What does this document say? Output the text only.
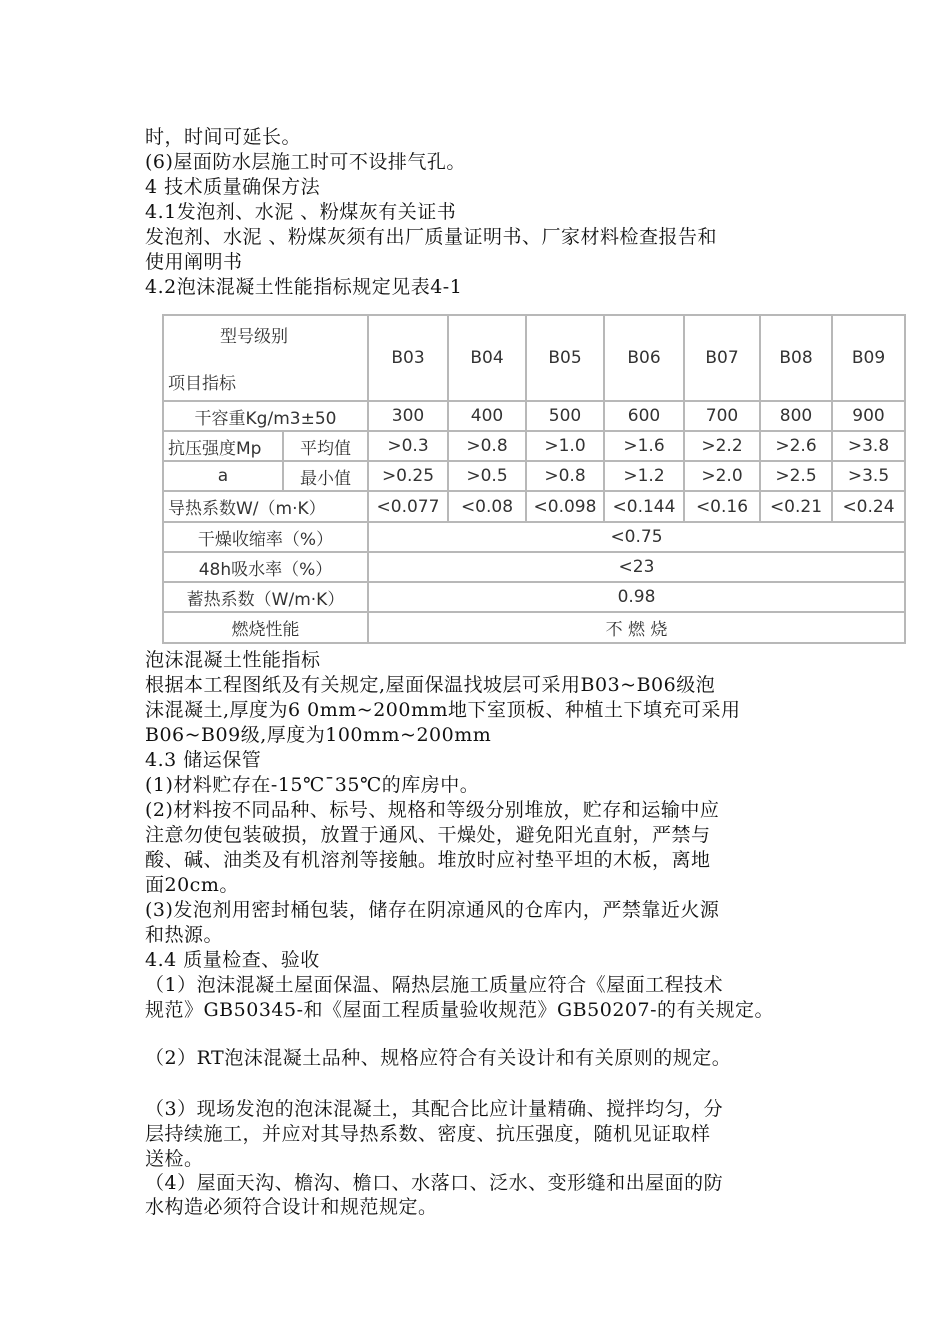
时，时间可延长。
(6)屋面防水层施工时可不设排气孔。
4 技术质量确保方法
4.1发泡剂、水泥 、粉煤灰有关证书
发泡剂、水泥 、粉煤灰须有出厂质量证明书、厂家材料检查报告和
使用阐明书
4.2泡沫混凝土性能指标规定见表4-1
型号级别
项目指标		B03	B04	B05	B06	B07	B08	B09
干容重Kg/m3±50		300	400	500	600	700	800	900
抗压强度Mp	平均值	>0.3	>0.8	>1.0	>1.6	>2.2	>2.6	>3.8
a	最小值	>0.25	>0.5	>0.8	>1.2	>2.0	>2.5	>3.5
导热系数W/（m·K）		<0.077	<0.08	<0.098	<0.144	<0.16	<0.21	<0.24
干燥收缩率（%）		<0.75						
48h吸水率（%）		<23						
蓄热系数（W/m·K）		0.98						
燃烧性能		不 燃 烧						
泡沫混凝土性能指标
根据本工程图纸及有关规定,屋面保温找坡层可采用B03~B06级泡
沫混凝土,厚度为6 0mm~200mm地下室顶板、种植土下填充可采用
B06~B09级,厚度为100mm~200mm
4.3 储运保管
(1)材料贮存在-15℃¯35℃的库房中。
(2)材料按不同品种、标号、规格和等级分别堆放，贮存和运输中应
注意勿使包装破损，放置于通风、干燥处，避免阳光直射，严禁与
酸、碱、油类及有机溶剂等接触。堆放时应衬垫平坦的木板，离地
面20cm。
(3)发泡剂用密封桶包装，储存在阴凉通风的仓库内，严禁靠近火源
和热源。
4.4 质量检查、验收
（1）泡沫混凝土屋面保温、隔热层施工质量应符合《屋面工程技术
规范》GB50345-和《屋面工程质量验收规范》GB50207-的有关规定。
（2）RT泡沫混凝土品种、规格应符合有关设计和有关原则的规定。
（3）现场发泡的泡沫混凝土，其配合比应计量精确、搅拌均匀，分
层持续施工，并应对其导热系数、密度、抗压强度，随机见证取样
送检。
（4）屋面天沟、檐沟、檐口、水落口、泛水、变形缝和出屋面的防
水构造必须符合设计和规范规定。
